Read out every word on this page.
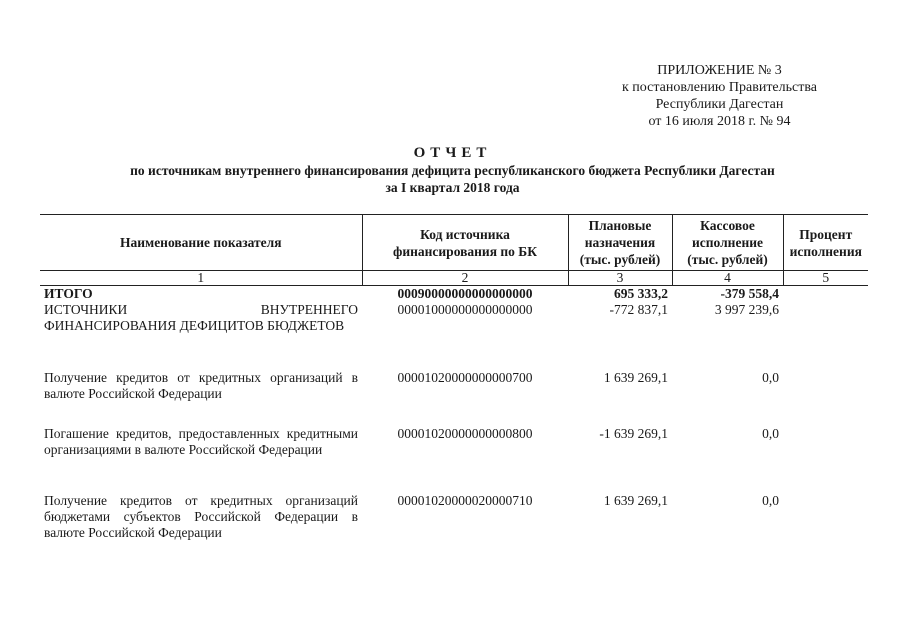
ПРИЛОЖЕНИЕ № 3
к постановлению Правительства
Республики Дагестан
от 16 июля 2018 г. № 94
ОТЧЕТ
по источникам внутреннего финансирования дефицита республиканского бюджета Республики Дагестан
за I квартал 2018 года
Наименование показателя	Код источника финансирования по БК	Плановые назначения (тыс. рублей)	Кассовое исполнение (тыс. рублей)	Процент исполнения
1	2	3	4	5
ИТОГО	00090000000000000000	695 333,2	-379 558,4	
ИСТОЧНИКИ ВНУТРЕННЕГО ФИНАНСИРОВАНИЯ ДЕФИЦИТОВ БЮДЖЕТОВ	00001000000000000000	-772 837,1	3 997 239,6	
Получение кредитов от кредитных организаций в валюте Российской Федерации	00001020000000000700	1 639 269,1	0,0	
Погашение кредитов, предоставленных кредитными организациями в валюте Российской Федерации	00001020000000000800	-1 639 269,1	0,0	
Получение кредитов от кредитных организаций бюджетами субъектов Российской Федерации в валюте Российской Федерации	00001020000020000710	1 639 269,1	0,0	
